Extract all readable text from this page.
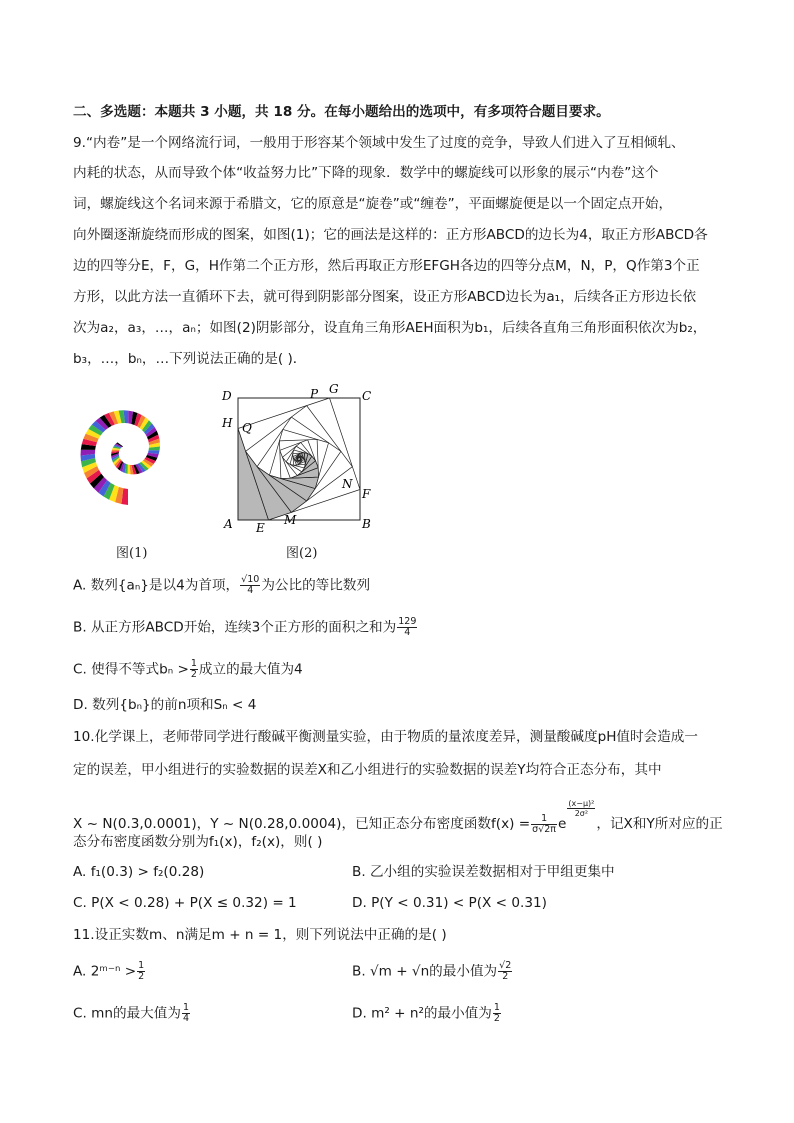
二、多选题：本题共 3 小题，共 18 分。在每小题给出的选项中，有多项符合题目要求。
9.“内卷”是一个网络流行词，一般用于形容某个领域中发生了过度的竞争，导致人们进入了互相倾轧、
内耗的状态，从而导致个体“收益努力比”下降的现象．数学中的螺旋线可以形象的展示“内卷”这个
词，螺旋线这个名词来源于希腊文，它的原意是“旋卷”或“缠卷”，平面螺旋便是以一个固定点开始，
向外圈逐渐旋绕而形成的图案，如图(1)；它的画法是这样的：正方形ABCD的边长为4，取正方形ABCD各
边的四等分E，F，G，H作第二个正方形，然后再取正方形EFGH各边的四等分点M，N，P，Q作第3个正
方形，以此方法一直循环下去，就可得到阴影部分图案，设正方形ABCD边长为a₁，后续各正方形边长依
次为a₂，a₃，…，aₙ；如图(2)阴影部分，设直角三角形AEH面积为b₁，后续各直角三角形面积依次为b₂，
b₃，…，bₙ，…下列说法正确的是( )．
图(1)
D	P G C
H Q
N
F
A E
M	B
图(2)
A. 数列{aₙ}是以4为首项， $\frac{√10}{4}$ 为公比的等比数列
B. 从正方形ABCD开始，连续3个正方形的面积之和为 $\frac{129}{4}$
C. 使得不等式$b_n > \frac{1}{2}$ 成立的最大值为4
D. 数列{bₙ}的前n项和Sₙ < 4
10.化学课上，老师带同学进行酸碱平衡测量实验，由于物质的量浓度差异，测量酸碱度pH值时会造成一
定的误差，甲小组进行的实验数据的误差X和乙小组进行的实验数据的误差Y均符合正态分布，其中
X ~ N(0.3,0.0001)，Y ~ N(0.28,0.0004)，已知正态分布密度函数$f(x) = \frac{1}{\sigma√2\pi}$ e
$\frac{\text{(x−μ)²}}{\text{2σ²}}$
，记X和Y所对应的正
态分布密度函数分别为f₁(x)，f₂(x)，则( )
A. f₁(0.3) > f₂(0.28)	B. 乙小组的实验误差数据相对于甲组更集中
C. P(X < 0.28) + P(X ≤ 0.32) = 1	D. P(Y < 0.31) < P(X < 0.31)
11.设正实数m、n满足m + n = 1，则下列说法中正确的是( )
A. 2ᵐ⁻ⁿ > $\frac{1}{2}$	B. √m + √n的最小值为 $\frac{√2}{2}$
C. mn的最大值为 $\frac{1}{4}$	D. m² + n²的最小值为 $\frac{1}{2}$
